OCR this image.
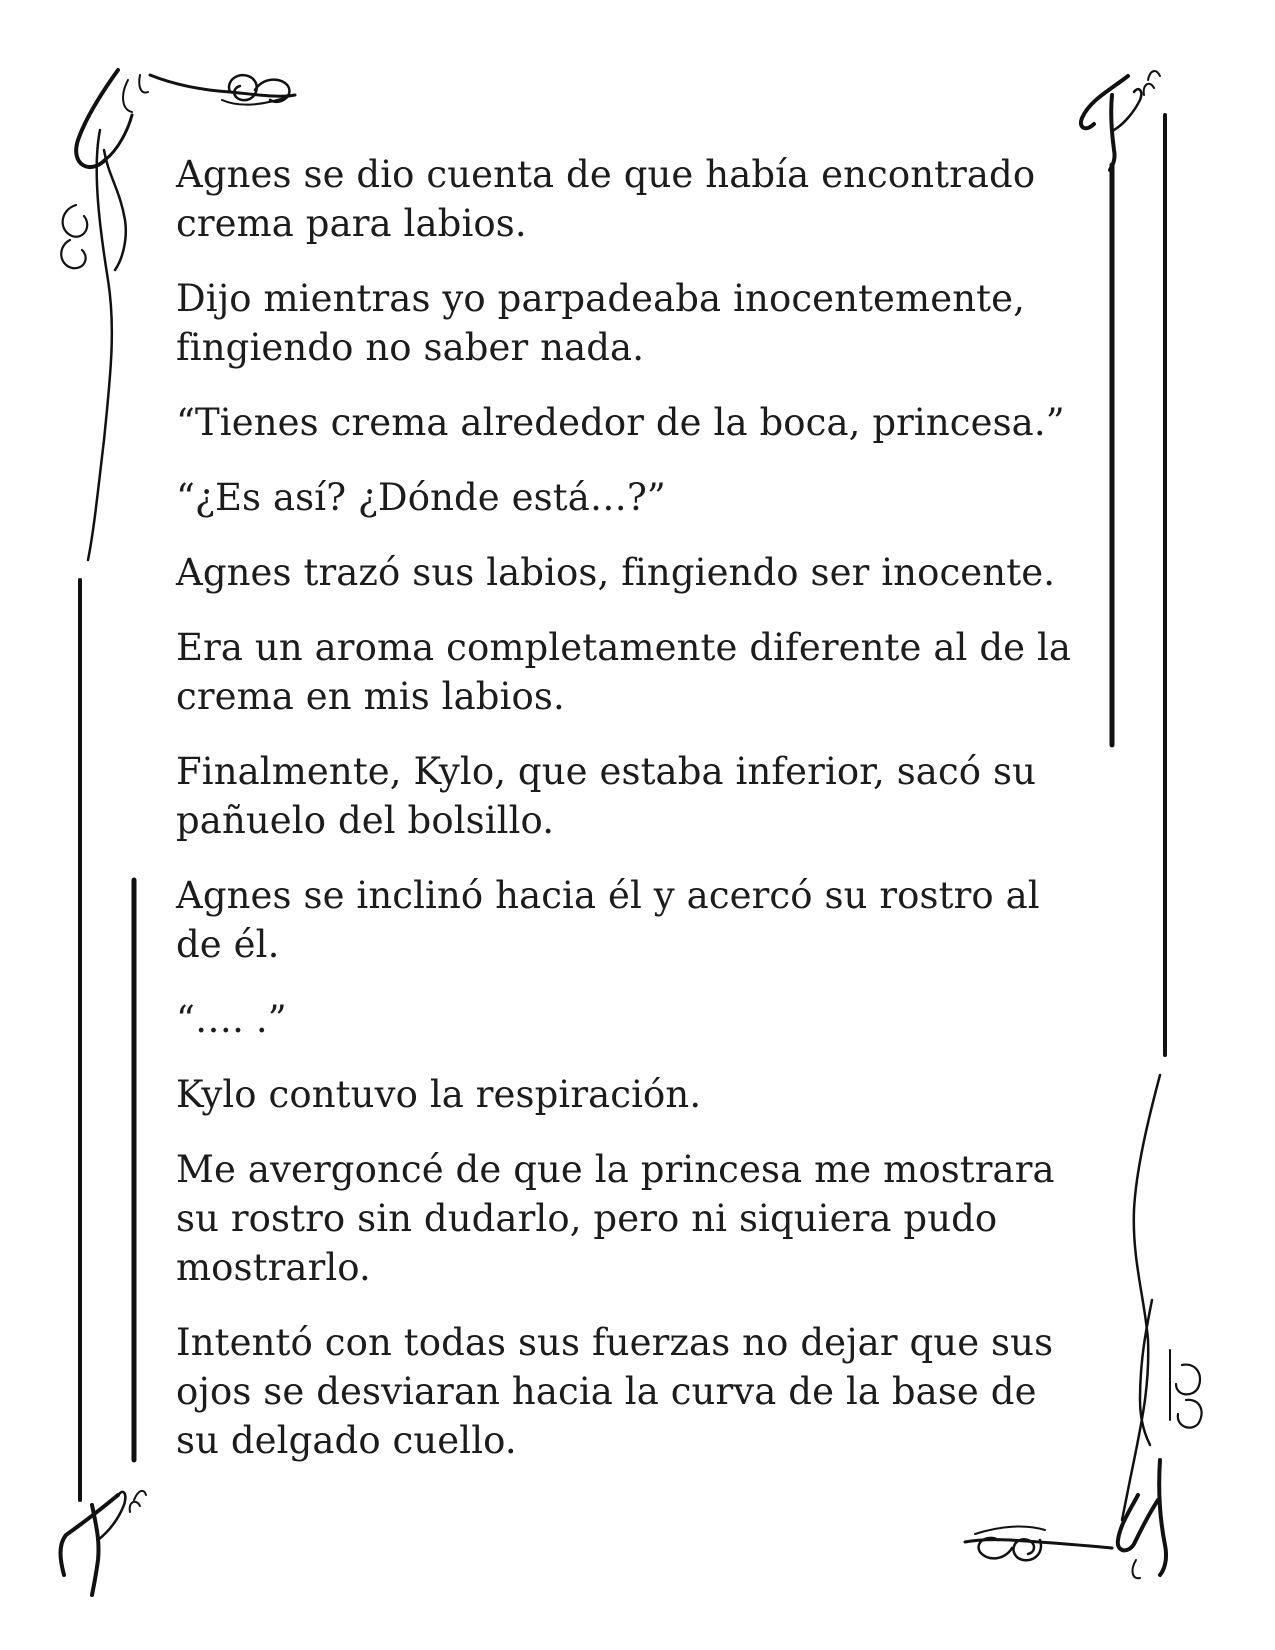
Agnes se dio cuenta de que había encontrado
crema para labios.

Dijo mientras yo parpadeaba inocentemente,
fingiendo no saber nada.

“Tienes crema alrededor de la boca, princesa.”

“¿Es así? ¿Dónde está…?”

Agnes trazó sus labios, fingiendo ser inocente.

Era un aroma completamente diferente al de la
crema en mis labios.

Finalmente, Kylo, que estaba inferior, sacó su
pañuelo del bolsillo.

Agnes se inclinó hacia él y acercó su rostro al
de él.

“…. .”

Kylo contuvo la respiración.

Me avergoncé de que la princesa me mostrara
su rostro sin dudarlo, pero ni siquiera pudo
mostrarlo.

Intentó con todas sus fuerzas no dejar que sus
ojos se desviaran hacia la curva de la base de
su delgado cuello.
